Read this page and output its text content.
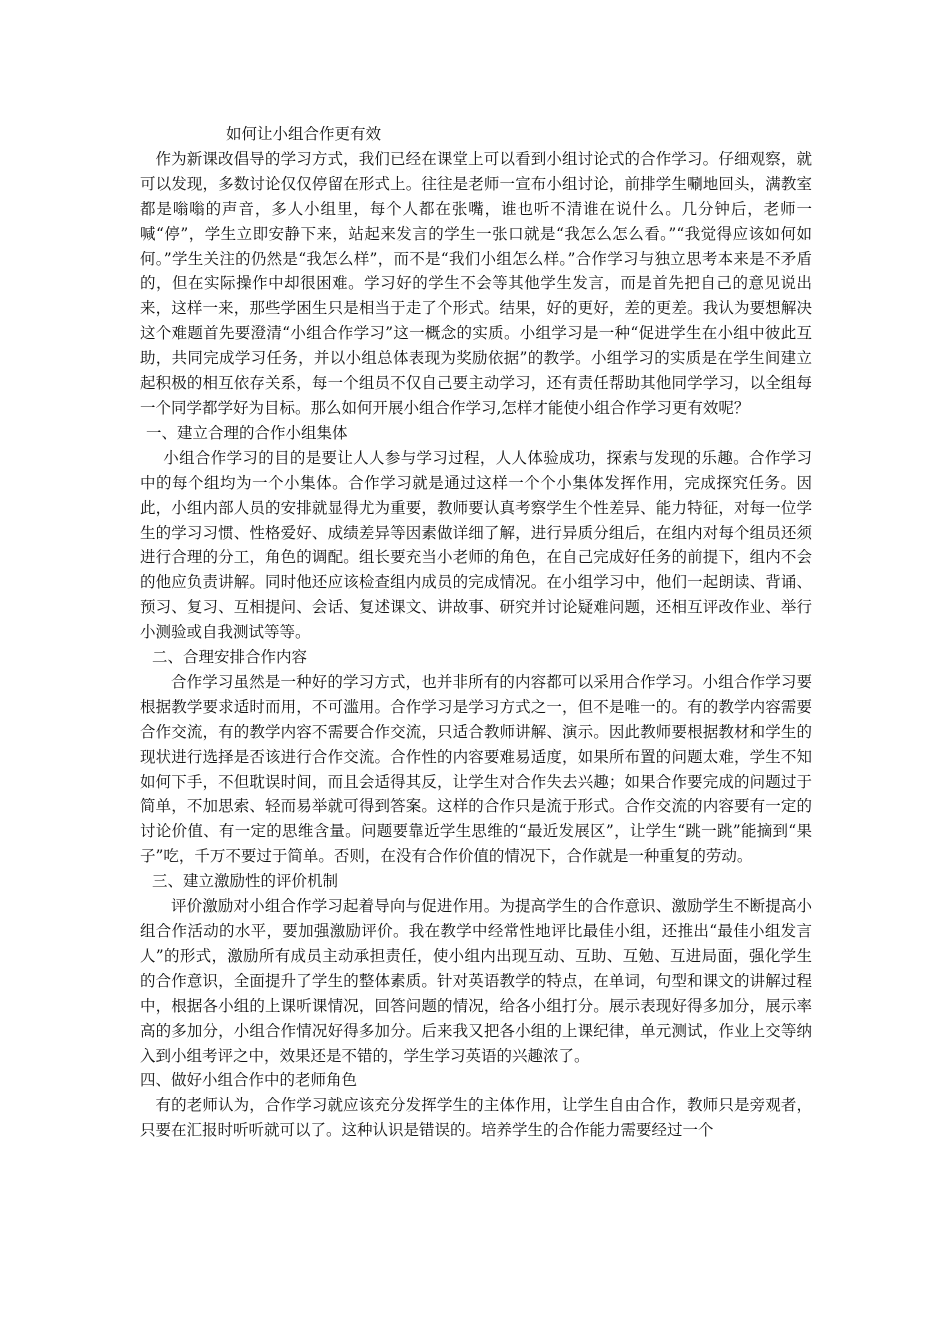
如何让小组合作更有效

作为新课改倡导的学习方式，我们已经在课堂上可以看到小组讨论式的合作学习。仔细观察，就可以发现，多数讨论仅仅停留在形式上。往往是老师一宣布小组讨论，前排学生唰地回头，满教室都是嗡嗡的声音，多人小组里，每个人都在张嘴，谁也听不清谁在说什么。几分钟后，老师一喊“停”，学生立即安静下来，站起来发言的学生一张口就是“我怎么怎么看。”“我觉得应该如何如何。”学生关注的仍然是“我怎么样”，而不是“我们小组怎么样。”合作学习与独立思考本来是不矛盾的，但在实际操作中却很困难。学习好的学生不会等其他学生发言，而是首先把自己的意见说出来，这样一来，那些学困生只是相当于走了个形式。结果，好的更好，差的更差。我认为要想解决这个难题首先要澄清“小组合作学习”这一概念的实质。小组学习是一种“促进学生在小组中彼此互助，共同完成学习任务，并以小组总体表现为奖励依据”的教学。小组学习的实质是在学生间建立起积极的相互依存关系，每一个组员不仅自己要主动学习，还有责任帮助其他同学学习，以全组每一个同学都学好为目标。那么如何开展小组合作学习,怎样才能使小组合作学习更有效呢？

一、建立合理的合作小组集体

小组合作学习的目的是要让人人参与学习过程，人人体验成功，探索与发现的乐趣。合作学习中的每个组均为一个小集体。合作学习就是通过这样一个个小集体发挥作用，完成探究任务。因此，小组内部人员的安排就显得尤为重要，教师要认真考察学生个性差异、能力特征，对每一位学生的学习习惯、性格爱好、成绩差异等因素做详细了解，进行异质分组后，在组内对每个组员还须进行合理的分工，角色的调配。组长要充当小老师的角色，在自己完成好任务的前提下，组内不会的他应负责讲解。同时他还应该检查组内成员的完成情况。在小组学习中，他们一起朗读、背诵、预习、复习、互相提问、会话、复述课文、讲故事、研究并讨论疑难问题，还相互评改作业、举行小测验或自我测试等等。

二、合理安排合作内容

合作学习虽然是一种好的学习方式，也并非所有的内容都可以采用合作学习。小组合作学习要根据教学要求适时而用，不可滥用。合作学习是学习方式之一，但不是唯一的。有的教学内容需要合作交流，有的教学内容不需要合作交流，只适合教师讲解、演示。因此教师要根据教材和学生的现状进行选择是否该进行合作交流。合作性的内容要难易适度，如果所布置的问题太难，学生不知如何下手，不但耽误时间，而且会适得其反，让学生对合作失去兴趣；如果合作要完成的问题过于简单，不加思索、轻而易举就可得到答案。这样的合作只是流于形式。合作交流的内容要有一定的讨论价值、有一定的思维含量。问题要靠近学生思维的“最近发展区”，让学生“跳一跳”能摘到“果子”吃，千万不要过于简单。否则，在没有合作价值的情况下，合作就是一种重复的劳动。

三、建立激励性的评价机制

评价激励对小组合作学习起着导向与促进作用。为提高学生的合作意识、激励学生不断提高小组合作活动的水平，要加强激励评价。我在教学中经常性地评比最佳小组，还推出“最佳小组发言人”的形式，激励所有成员主动承担责任，使小组内出现互动、互助、互勉、互进局面，强化学生的合作意识，全面提升了学生的整体素质。针对英语教学的特点，在单词，句型和课文的讲解过程中，根据各小组的上课听课情况，回答问题的情况，给各小组打分。展示表现好得多加分，展示率高的多加分，小组合作情况好得多加分。后来我又把各小组的上课纪律，单元测试，作业上交等纳入到小组考评之中，效果还是不错的，学生学习英语的兴趣浓了。

四、做好小组合作中的老师角色

有的老师认为，合作学习就应该充分发挥学生的主体作用，让学生自由合作，教师只是旁观者，只要在汇报时听听就可以了。这种认识是错误的。培养学生的合作能力需要经过一个
